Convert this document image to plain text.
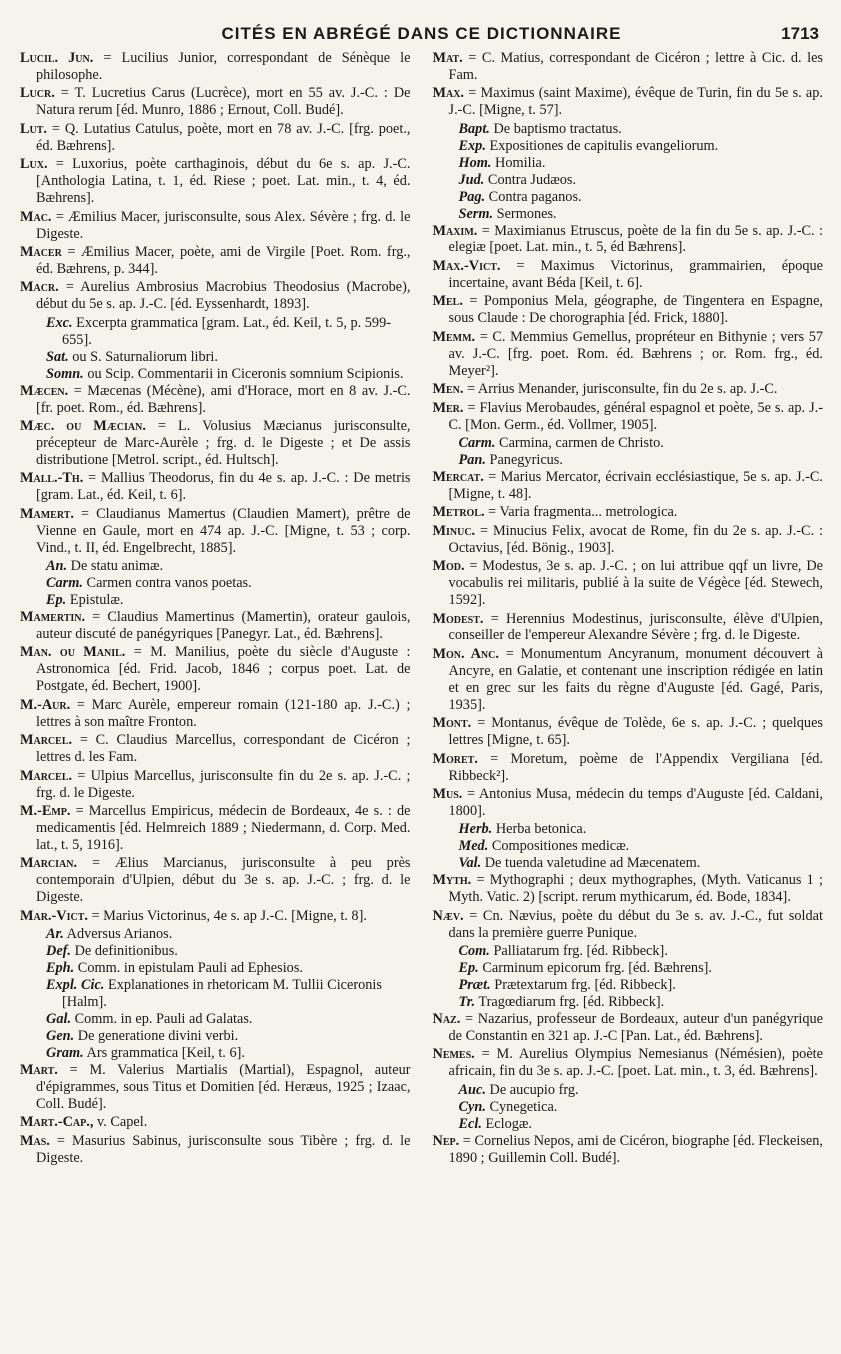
CITÉS EN ABRÉGÉ DANS CE DICTIONNAIRE	1713
Lucil. Jun. = Lucilius Junior, correspondant de Sénèque le philosophe.
Lucr. = T. Lucretius Carus (Lucrèce), mort en 55 av. J.-C. : De Natura rerum [éd. Munro, 1886 ; Ernout, Coll. Budé].
Lut. = Q. Lutatius Catulus, poète, mort en 78 av. J.-C. [frg. poet., éd. Bæhrens].
Lux. = Luxorius, poète carthaginois, début du 6e s. ap. J.-C. [Anthologia Latina, t. 1, éd. Riese ; poet. Lat. min., t. 4, éd. Bæhrens].
Mac. = Æmilius Macer, jurisconsulte, sous Alex. Sévère ; frg. d. le Digeste.
Macer = Æmilius Macer, poète, ami de Virgile [Poet. Rom. frg., éd. Bæhrens, p. 344].
Macr. = Aurelius Ambrosius Macrobius Theodosius (Macrobe), début du 5e s. ap. J.-C. [éd. Eyssenhardt, 1893].
Exc. Excerpta grammatica [gram. Lat., éd. Keil, t. 5, p. 599-655].
Sat. ou S. Saturnaliorum libri.
Somn. ou Scip. Commentarii in Ciceronis somnium Scipionis.
Mæcen. = Mæcenas (Mécène), ami d'Horace, mort en 8 av. J.-C. [fr. poet. Rom., éd. Bæhrens].
Mæc. ou Mæcian. = L. Volusius Mæcianus jurisconsulte, précepteur de Marc-Aurèle ; frg. d. le Digeste ; et De assis distributione [Metrol. script., éd. Hultsch].
Mall.-Th. = Mallius Theodorus, fin du 4e s. ap. J.-C. : De metris [gram. Lat., éd. Keil, t. 6].
Mamert. = Claudianus Mamertus (Claudien Mamert), prêtre de Vienne en Gaule, mort en 474 ap. J.-C. [Migne, t. 53 ; corp. Vind., t. II, éd. Engelbrecht, 1885].
An. De statu animæ.
Carm. Carmen contra vanos poetas.
Ep. Epistulæ.
Mamertin. = Claudius Mamertinus (Mamertin), orateur gaulois, auteur discuté de panégyriques [Panegyr. Lat., éd. Bæhrens].
Man. ou Manil. = M. Manilius, poète du siècle d'Auguste : Astronomica [éd. Frid. Jacob, 1846 ; corpus poet. Lat. de Postgate, éd. Bechert, 1900].
M.-Aur. = Marc Aurèle, empereur romain (121-180 ap. J.-C.) ; lettres à son maître Fronton.
Marcel. = C. Claudius Marcellus, correspondant de Cicéron ; lettres d. les Fam.
Marcel. = Ulpius Marcellus, jurisconsulte fin du 2e s. ap. J.-C. ; frg. d. le Digeste.
M.-Emp. = Marcellus Empiricus, médecin de Bordeaux, 4e s. : de medicamentis [éd. Helmreich 1889 ; Niedermann, d. Corp. Med. lat., t. 5, 1916].
Marcian. = Ælius Marcianus, jurisconsulte à peu près contemporain d'Ulpien, début du 3e s. ap. J.-C. ; frg. d. le Digeste.
Mar.-Vict. = Marius Victorinus, 4e s. ap J.-C. [Migne, t. 8].
Ar. Adversus Arianos.
Def. De definitionibus.
Eph. Comm. in epistulam Pauli ad Ephesios.
Expl. Cic. Explanationes in rhetoricam M. Tullii Ciceronis [Halm].
Gal. Comm. in ep. Pauli ad Galatas.
Gen. De generatione divini verbi.
Gram. Ars grammatica [Keil, t. 6].
Mart. = M. Valerius Martialis (Martial), Espagnol, auteur d'épigrammes, sous Titus et Domitien [éd. Heræus, 1925 ; Izaac, Coll. Budé].
Mart.-Cap., v. Capel.
Mas. = Masurius Sabinus, jurisconsulte sous Tibère ; frg. d. le Digeste.
Mat. = C. Matius, correspondant de Cicéron ; lettre à Cic. d. les Fam.
Max. = Maximus (saint Maxime), évêque de Turin, fin du 5e s. ap. J.-C. [Migne, t. 57].
Bapt. De baptismo tractatus.
Exp. Expositiones de capitulis evangeliorum.
Hom. Homilia.
Jud. Contra Judæos.
Pag. Contra paganos.
Serm. Sermones.
Maxim. = Maximianus Etruscus, poète de la fin du 5e s. ap. J.-C. : elegiæ [poet. Lat. min., t. 5, éd Bæhrens].
Max.-Vict. = Maximus Victorinus, grammairien, époque incertaine, avant Béda [Keil, t. 6].
Mel. = Pomponius Mela, géographe, de Tingentera en Espagne, sous Claude : De chorographia [éd. Frick, 1880].
Memm. = C. Memmius Gemellus, propréteur en Bithynie ; vers 57 av. J.-C. [frg. poet. Rom. éd. Bæhrens ; or. Rom. frg., éd. Meyer²].
Men. = Arrius Menander, jurisconsulte, fin du 2e s. ap. J.-C.
Mer. = Flavius Merobaudes, général espagnol et poète, 5e s. ap. J.-C. [Mon. Germ., éd. Vollmer, 1905].
Carm. Carmina, carmen de Christo.
Pan. Panegyricus.
Mercat. = Marius Mercator, écrivain ecclésiastique, 5e s. ap. J.-C. [Migne, t. 48].
Metrol. = Varia fragmenta... metrologica.
Minuc. = Minucius Felix, avocat de Rome, fin du 2e s. ap. J.-C. : Octavius, [éd. Bönig., 1903].
Mod. = Modestus, 3e s. ap. J.-C. ; on lui attribue qqf un livre, De vocabulis rei militaris, publié à la suite de Végèce [éd. Stewech, 1592].
Modest. = Herennius Modestinus, jurisconsulte, élève d'Ulpien, conseiller de l'empereur Alexandre Sévère ; frg. d. le Digeste.
Mon. Anc. = Monumentum Ancyranum, monument découvert à Ancyre, en Galatie, et contenant une inscription rédigée en latin et en grec sur les faits du règne d'Auguste [éd. Gagé, Paris, 1935].
Mont. = Montanus, évêque de Tolède, 6e s. ap. J.-C. ; quelques lettres [Migne, t. 65].
Moret. = Moretum, poème de l'Appendix Vergiliana [éd. Ribbeck²].
Mus. = Antonius Musa, médecin du temps d'Auguste [éd. Caldani, 1800].
Herb. Herba betonica.
Med. Compositiones medicæ.
Val. De tuenda valetudine ad Mæcenatem.
Myth. = Mythographi ; deux mythographes, (Myth. Vaticanus 1 ; Myth. Vatic. 2) [script. rerum mythicarum, éd. Bode, 1834].
Næv. = Cn. Nævius, poète du début du 3e s. av. J.-C., fut soldat dans la première guerre Punique.
Com. Palliatarum frg. [éd. Ribbeck].
Ep. Carminum epicorum frg. [éd. Bæhrens].
Præt. Prætextarum frg. [éd. Ribbeck].
Tr. Tragœdiarum frg. [éd. Ribbeck].
Naz. = Nazarius, professeur de Bordeaux, auteur d'un panégyrique de Constantin en 321 ap. J.-C [Pan. Lat., éd. Bæhrens].
Nemes. = M. Aurelius Olympius Nemesianus (Némésien), poète africain, fin du 3e s. ap. J.-C. [poet. Lat. min., t. 3, éd. Bæhrens].
Auc. De aucupio frg.
Cyn. Cynegetica.
Ecl. Eclogæ.
Nep. = Cornelius Nepos, ami de Cicéron, biographe [éd. Fleckeisen, 1890 ; Guillemin Coll. Budé].
